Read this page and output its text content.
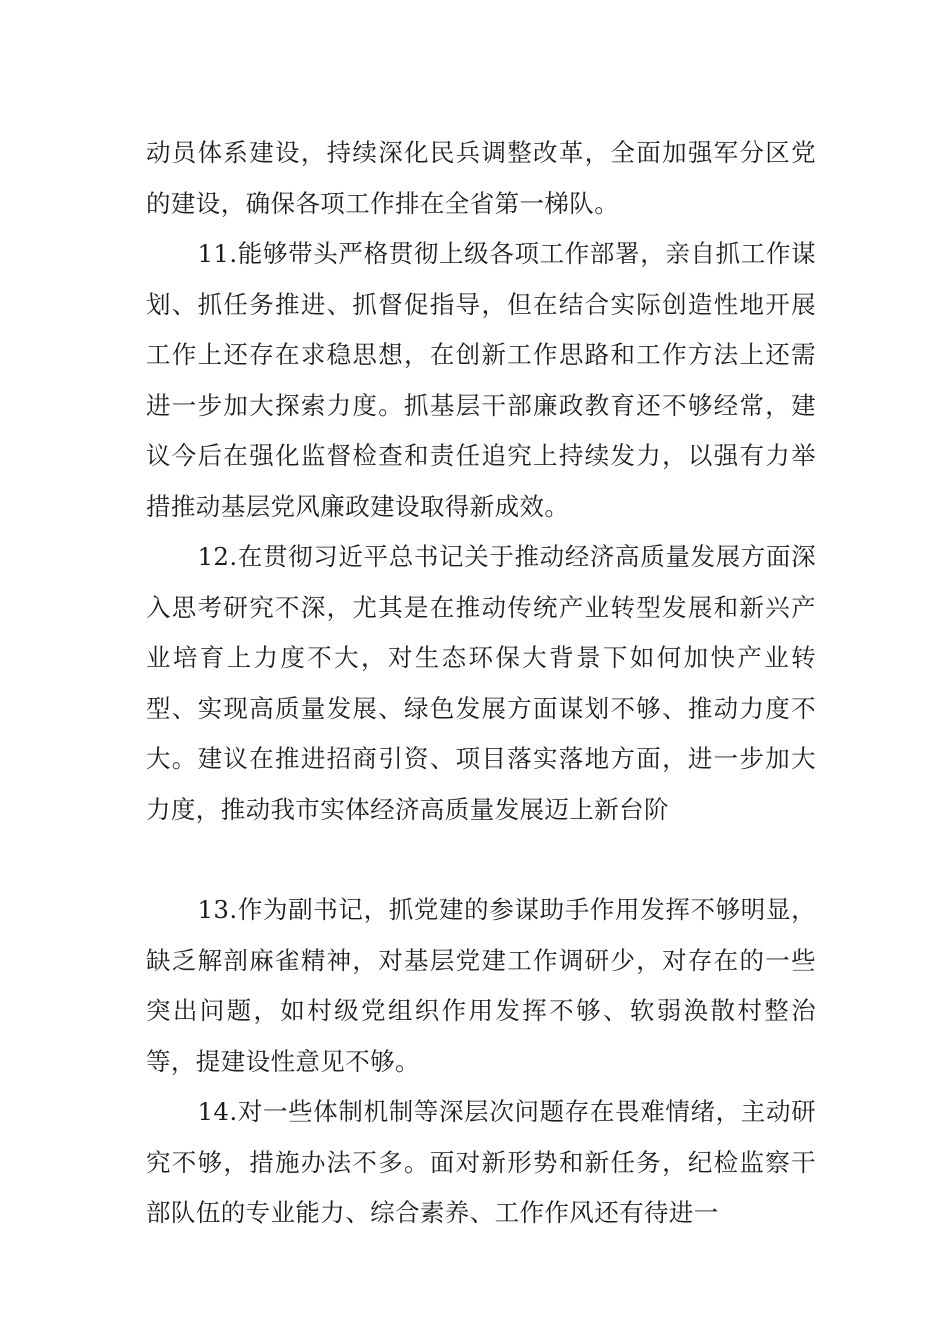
动员体系建设，持续深化民兵调整改革，全面加强军分区党的建设，确保各项工作排在全省第一梯队。

11.能够带头严格贯彻上级各项工作部署，亲自抓工作谋划、抓任务推进、抓督促指导，但在结合实际创造性地开展工作上还存在求稳思想，在创新工作思路和工作方法上还需进一步加大探索力度。抓基层干部廉政教育还不够经常，建议今后在强化监督检查和责任追究上持续发力，以强有力举措推动基层党风廉政建设取得新成效。

12.在贯彻习近平总书记关于推动经济高质量发展方面深入思考研究不深，尤其是在推动传统产业转型发展和新兴产业培育上力度不大，对生态环保大背景下如何加快产业转型、实现高质量发展、绿色发展方面谋划不够、推动力度不大。建议在推进招商引资、项目落实落地方面，进一步加大力度，推动我市实体经济高质量发展迈上新台阶

13.作为副书记，抓党建的参谋助手作用发挥不够明显，缺乏解剖麻雀精神，对基层党建工作调研少，对存在的一些突出问题，如村级党组织作用发挥不够、软弱涣散村整治等，提建设性意见不够。

14.对一些体制机制等深层次问题存在畏难情绪，主动研究不够，措施办法不多。面对新形势和新任务，纪检监察干部队伍的专业能力、综合素养、工作作风还有待进一
